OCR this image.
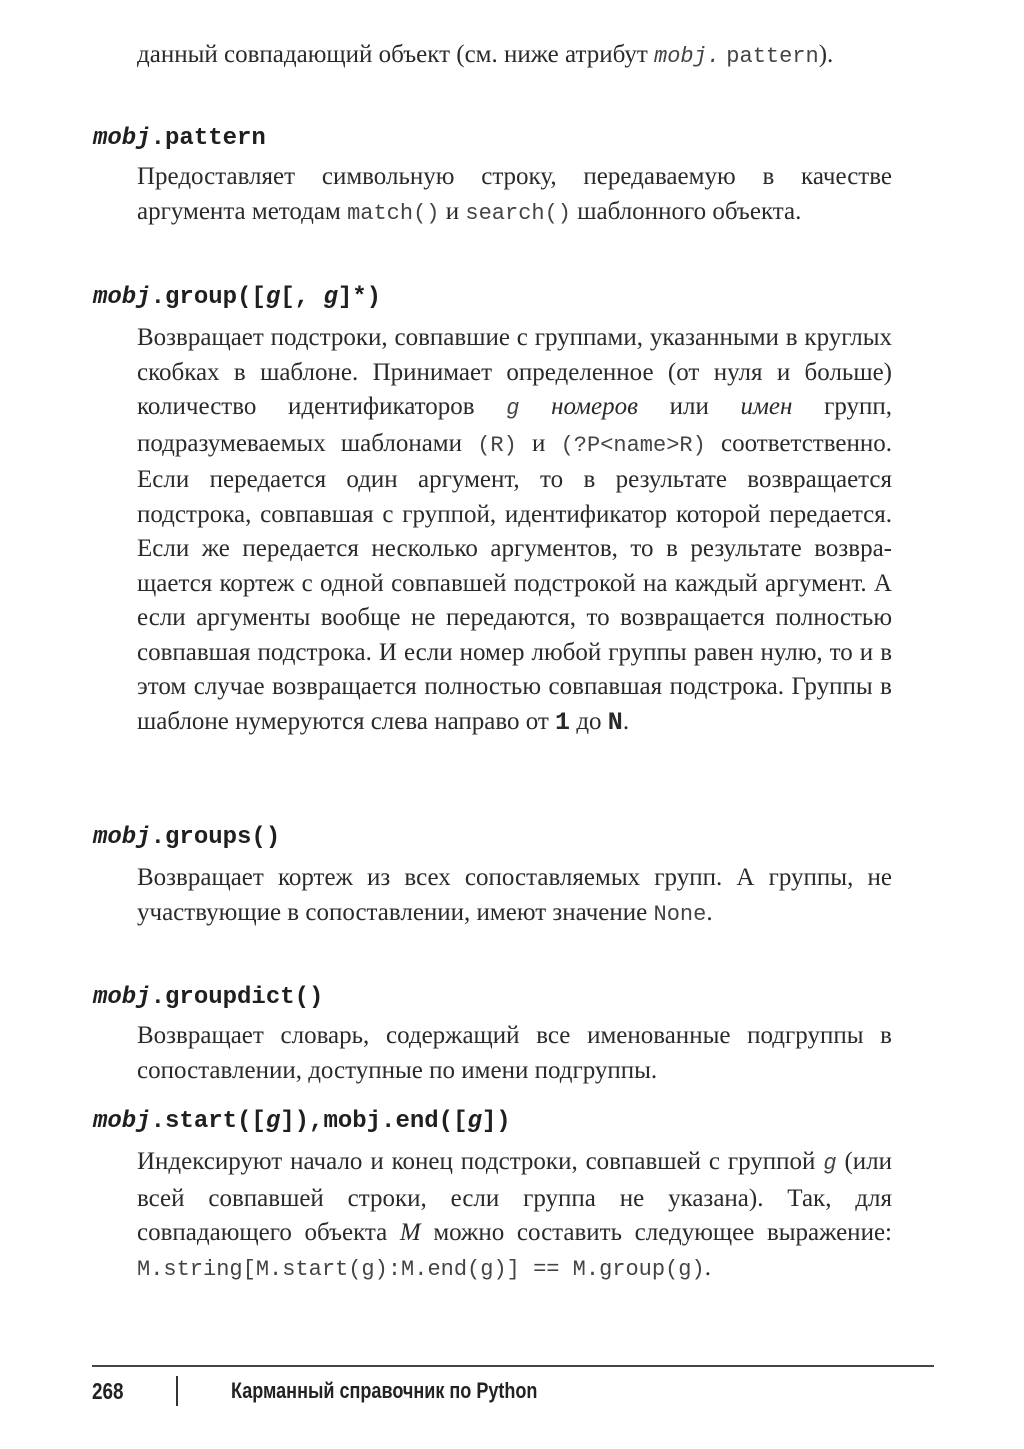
данный совпадающий объект (см. ниже атрибут mobj. pattern).

mobj.pattern

Предоставляет символьную строку, передаваемую в качестве аргумента методам match() и search() шаблонного объекта.

mobj.group([g[, g]*)

Возвращает подстроки, совпавшие с группами, указанными в круглых скобках в шаблоне. Принимает определенное (от нуля и больше) количество идентификаторов g номеров или имен групп, подразумеваемых шаблонами (R) и (?P<name>R) соответственно. Если передается один аргумент, то в результате возвращается подстрока, совпавшая с группой, идентификатор которой передается. Если же передается несколько аргументов, то в результате возвращается кортеж с одной совпавшей подстрокой на каждый аргумент. А если аргументы вообще не передаются, то возвращается полностью совпавшая подстрока. И если номер любой группы равен нулю, то и в этом случае возвращается полностью совпавшая подстрока. Группы в шаблоне нумеруются слева направо от 1 до N.

mobj.groups()

Возвращает кортеж из всех сопоставляемых групп. А группы, не участвующие в сопоставлении, имеют значение None.

mobj.groupdict()

Возвращает словарь, содержащий все именованные подгруппы в сопоставлении, доступные по имени подгруппы.

mobj.start([g]),mobj.end([g])

Индексируют начало и конец подстроки, совпавшей с группой g (или всей совпавшей строки, если группа не указана). Так, для совпадающего объекта M можно составить следующее выражение: M.string[M.start(g):M.end(g)] == M.group(g).

268	Карманный справочник по Python
